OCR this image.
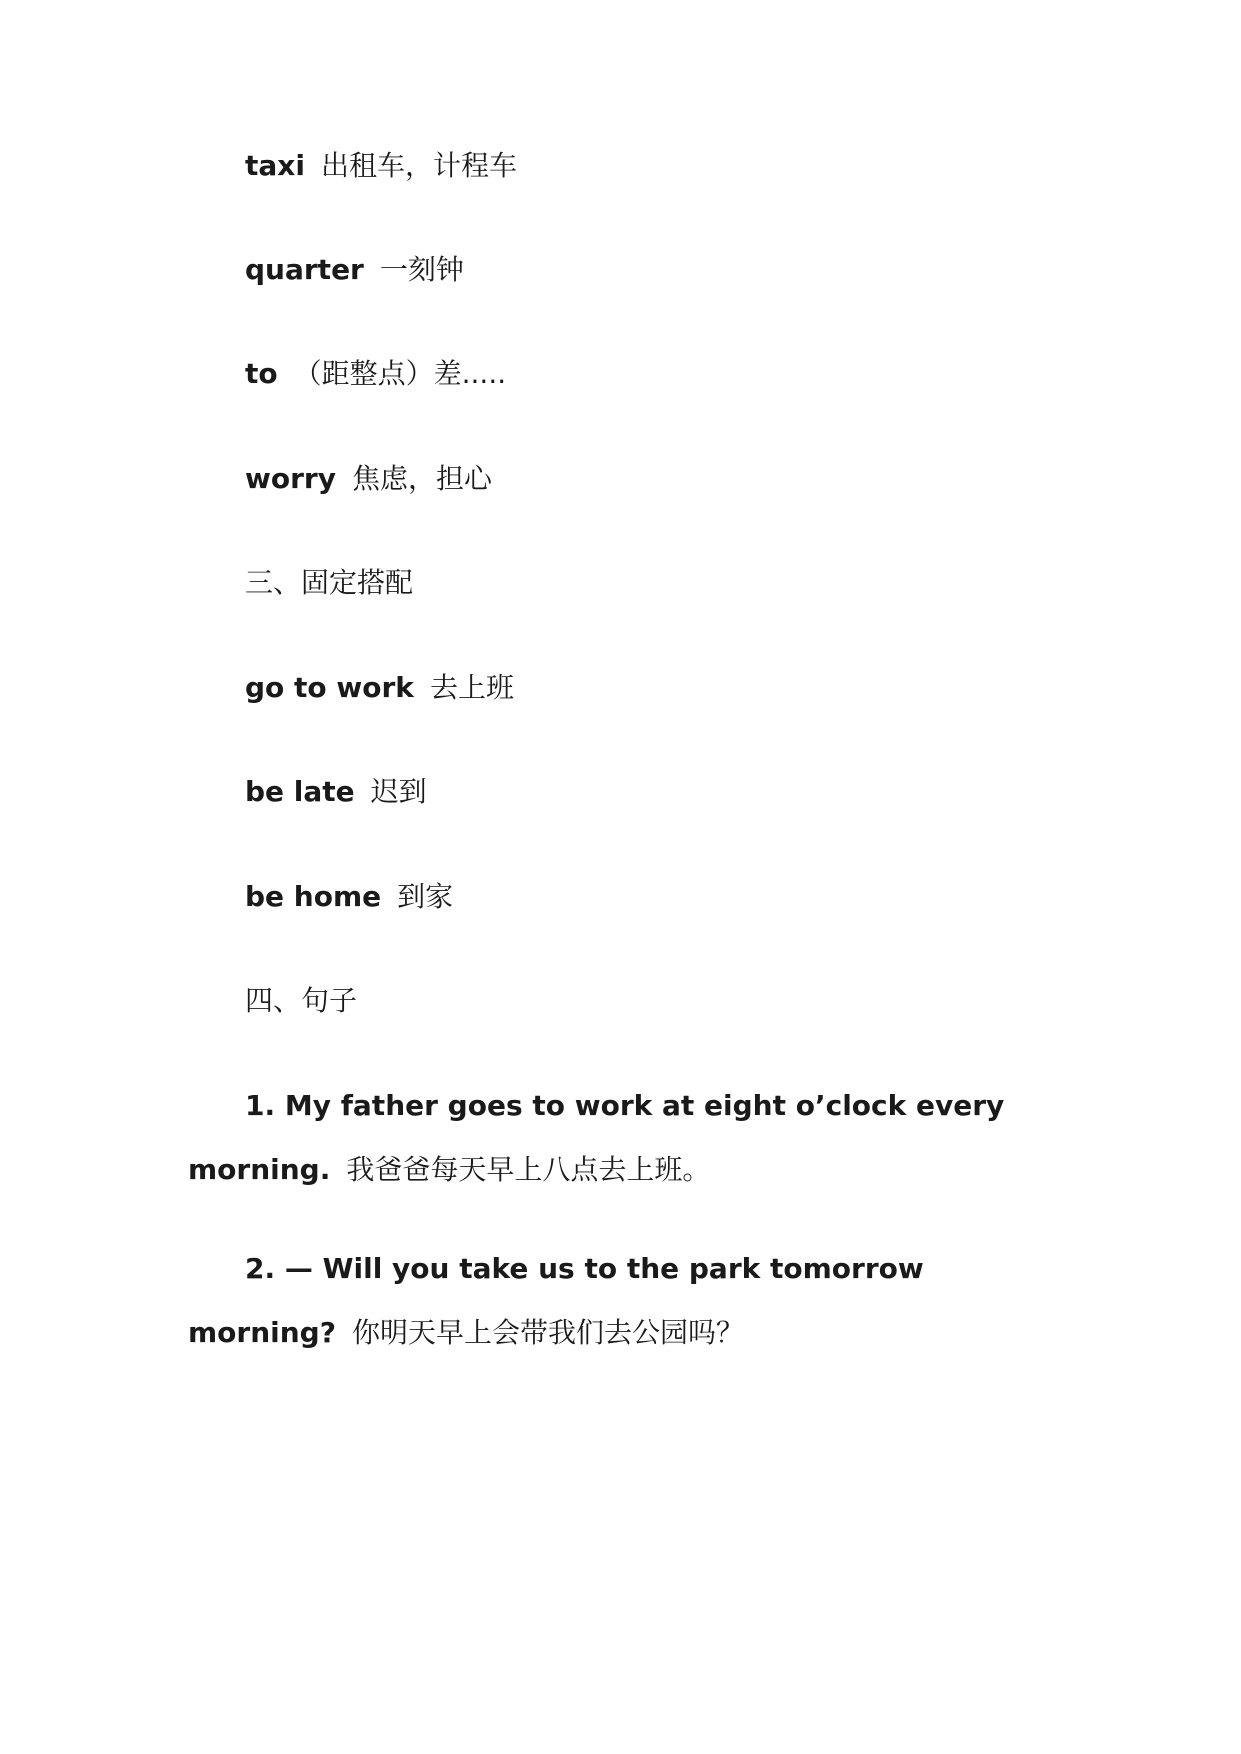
taxi 出租车，计程车
quarter 一刻钟
to （距整点）差.....
worry 焦虑，担心
三、固定搭配
go to work 去上班
be late 迟到
be home 到家
四、句子
1. My father goes to work at eight o’clock every morning. 我爸爸每天早上八点去上班。
2. — Will you take us to the park tomorrow morning? 你明天早上会带我们去公园吗？
